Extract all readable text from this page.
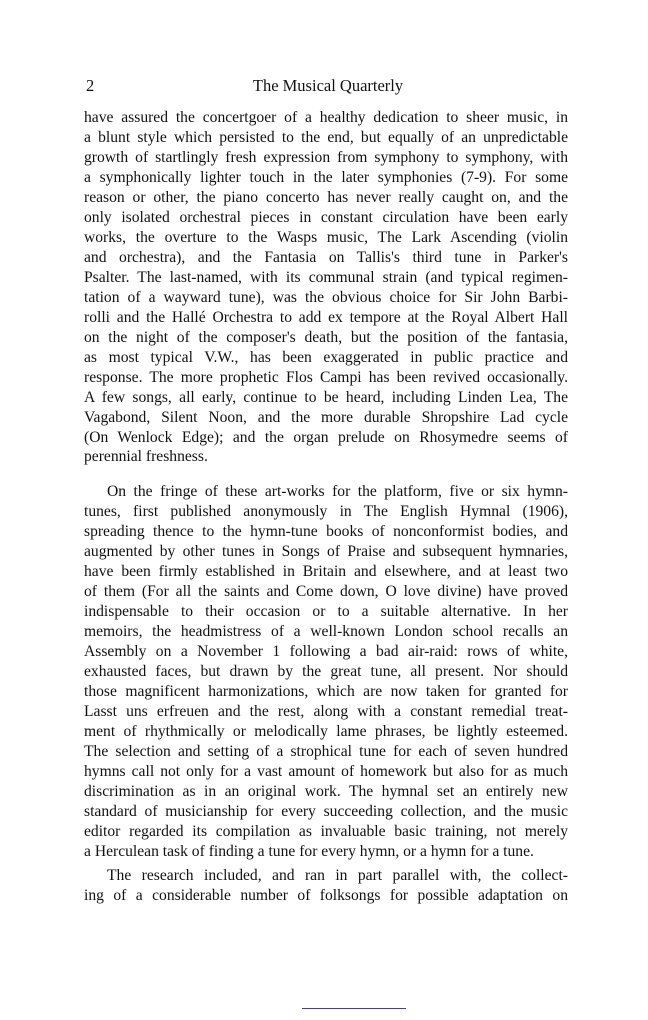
2	The Musical Quarterly
have assured the concertgoer of a healthy dedication to sheer music, in
a blunt style which persisted to the end, but equally of an unpredictable
growth of startlingly fresh expression from symphony to symphony, with
a symphonically lighter touch in the later symphonies (7-9). For some
reason or other, the piano concerto has never really caught on, and the
only isolated orchestral pieces in constant circulation have been early
works, the overture to the Wasps music, The Lark Ascending (violin
and orchestra), and the Fantasia on Tallis's third tune in Parker's
Psalter. The last-named, with its communal strain (and typical regimen-
tation of a wayward tune), was the obvious choice for Sir John Barbi-
rolli and the Hallé Orchestra to add ex tempore at the Royal Albert Hall
on the night of the composer's death, but the position of the fantasia,
as most typical V.W., has been exaggerated in public practice and
response. The more prophetic Flos Campi has been revived occasionally.
A few songs, all early, continue to be heard, including Linden Lea, The
Vagabond, Silent Noon, and the more durable Shropshire Lad cycle
(On Wenlock Edge); and the organ prelude on Rhosymedre seems of
perennial freshness.
On the fringe of these art-works for the platform, five or six hymn-
tunes, first published anonymously in The English Hymnal (1906),
spreading thence to the hymn-tune books of nonconformist bodies, and
augmented by other tunes in Songs of Praise and subsequent hymnaries,
have been firmly established in Britain and elsewhere, and at least two
of them (For all the saints and Come down, O love divine) have proved
indispensable to their occasion or to a suitable alternative. In her
memoirs, the headmistress of a well-known London school recalls an
Assembly on a November 1 following a bad air-raid: rows of white,
exhausted faces, but drawn by the great tune, all present. Nor should
those magnificent harmonizations, which are now taken for granted for
Lasst uns erfreuen and the rest, along with a constant remedial treat-
ment of rhythmically or melodically lame phrases, be lightly esteemed.
The selection and setting of a strophical tune for each of seven hundred
hymns call not only for a vast amount of homework but also for as much
discrimination as in an original work. The hymnal set an entirely new
standard of musicianship for every succeeding collection, and the music
editor regarded its compilation as invaluable basic training, not merely
a Herculean task of finding a tune for every hymn, or a hymn for a tune.
The research included, and ran in part parallel with, the collect-
ing of a considerable number of folksongs for possible adaptation on
